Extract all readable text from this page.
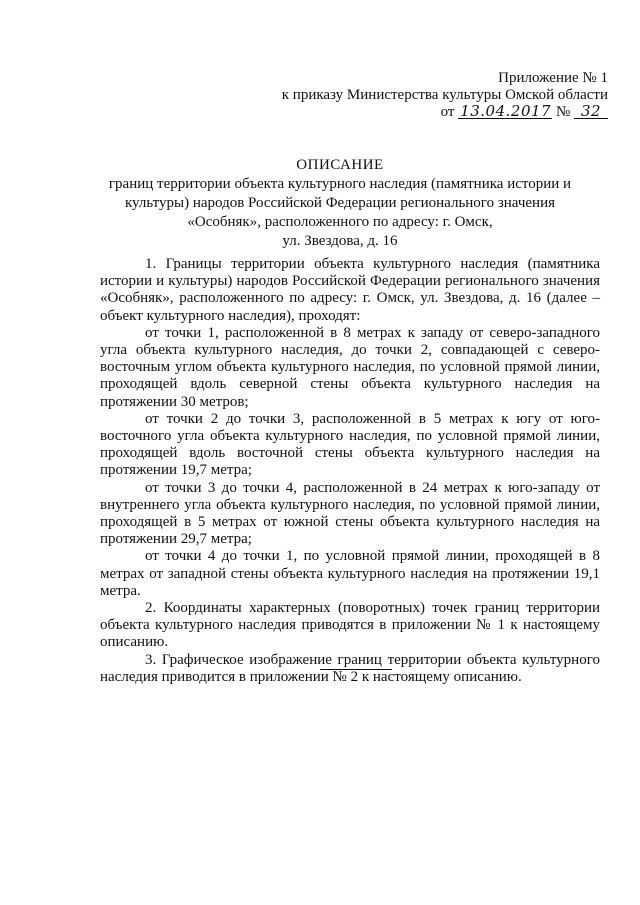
Приложение № 1
к приказу Министерства культуры Омской области
от 13.04.2017 № 32
ОПИСАНИЕ
границ территории объекта культурного наследия (памятника истории и
культуры) народов Российской Федерации регионального значения
«Особняк», расположенного по адресу: г. Омск,
ул. Звездова, д. 16

1. Границы территории объекта культурного наследия (памятника истории и культуры) народов Российской Федерации регионального значения «Особняк», расположенного по адресу: г. Омск, ул. Звездова, д. 16 (далее – объект культурного наследия), проходят:

от точки 1, расположенной в 8 метрах к западу от северо-западного угла объекта культурного наследия, до точки 2, совпадающей с северо-восточным углом объекта культурного наследия, по условной прямой линии, проходящей вдоль северной стены объекта культурного наследия на протяжении 30 метров;

от точки 2 до точки 3, расположенной в 5 метрах к югу от юго-восточного угла объекта культурного наследия, по условной прямой линии, проходящей вдоль восточной стены объекта культурного наследия на протяжении 19,7 метра;

от точки 3 до точки 4, расположенной в 24 метрах к юго-западу от внутреннего угла объекта культурного наследия, по условной прямой линии, проходящей в 5 метрах от южной стены объекта культурного наследия на протяжении 29,7 метра;

от точки 4 до точки 1, по условной прямой линии, проходящей в 8 метрах от западной стены объекта культурного наследия на протяжении 19,1 метра.

2. Координаты характерных (поворотных) точек границ территории объекта культурного наследия приводятся в приложении № 1 к настоящему описанию.

3. Графическое изображение границ территории объекта культурного наследия приводится в приложении № 2 к настоящему описанию.
